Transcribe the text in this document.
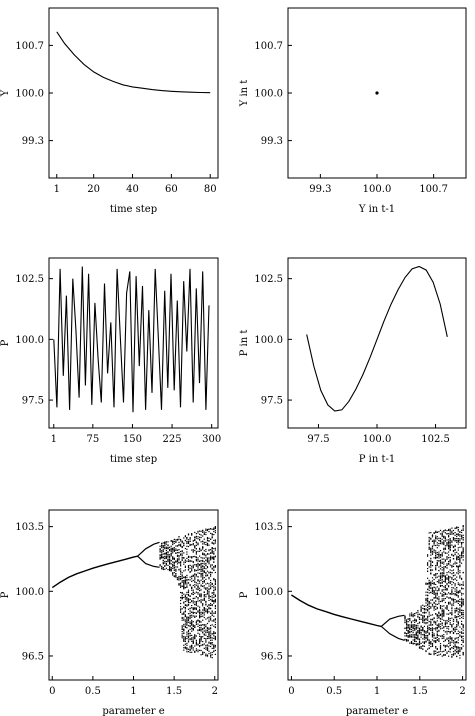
1	20	40	60	80
99.3
100.0
100.7
time step
Y
99.3	100.0	100.7
99.3
100.0
100.7
Y in t-1
Y in t
1	75 150 225 300
97.5
100.0
102.5
time step
P
97.5	100.0	102.5
97.5
100.0
102.5
P in t-1
P in t
0	0.5	1	1.5	2
96.5
100.0
103.5
parameter e
P
0	0.5	1	1.5	2
96.5
100.0
103.5
parameter e
P
